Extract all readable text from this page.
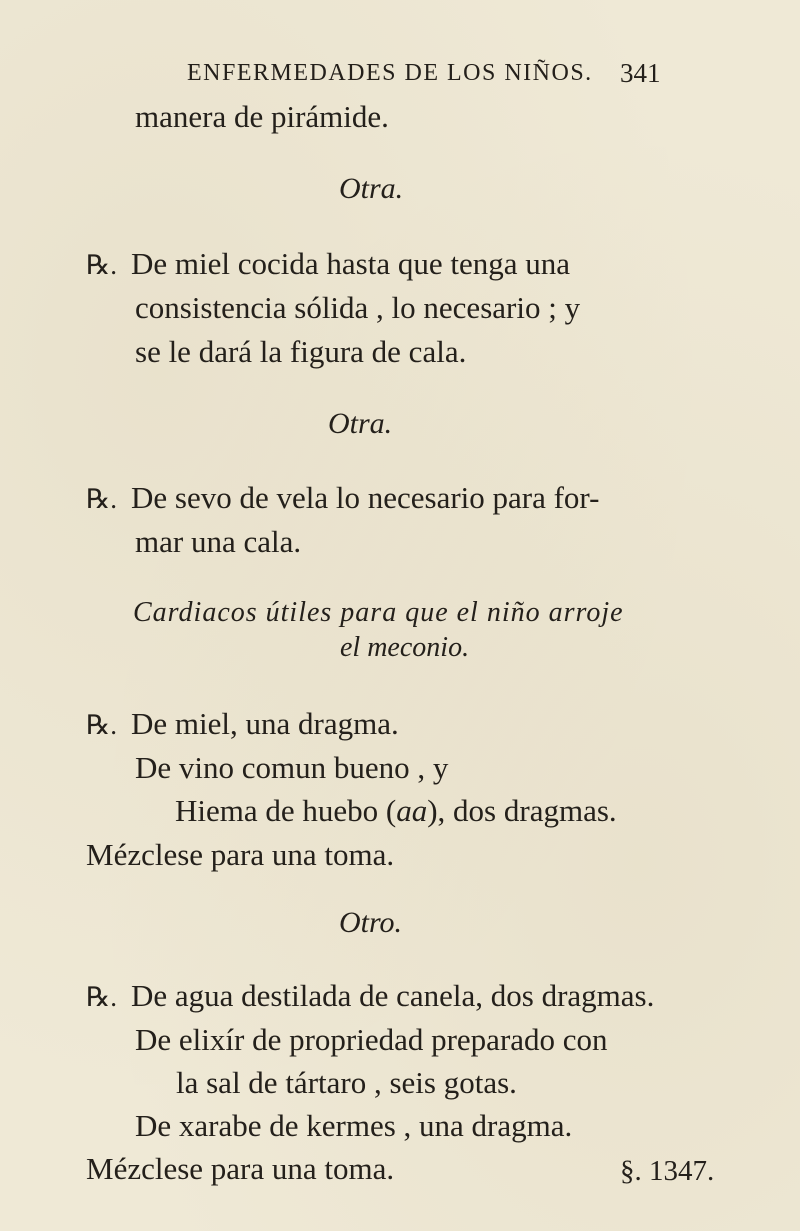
ENFERMEDADES DE LOS NIÑOS. 341
manera de pirámide.
Otra.
℞. De miel cocida hasta que tenga una
consistencia sólida , lo necesario ; y
se le dará la figura de cala.
Otra.
℞. De sevo de vela lo necesario para for-
mar una cala.
Cardiacos útiles para que el niño arroje
el meconio.
℞. De miel, una dragma.
De vino comun bueno , y
Hiema de huebo (aa), dos dragmas.
Mézclese para una toma.
Otro.
℞. De agua destilada de canela, dos dragmas.
De elixír de propriedad preparado con
la sal de tártaro , seis gotas.
De xarabe de kermes , una dragma.
Mézclese para una toma.	§. 1347.
